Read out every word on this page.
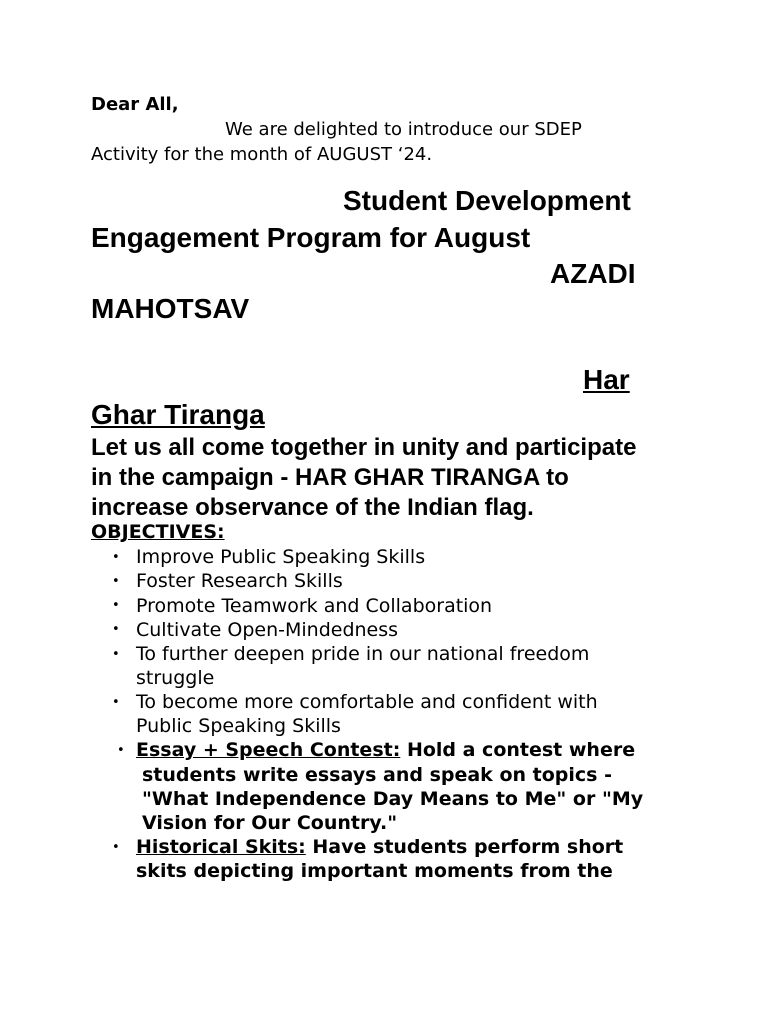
Dear All,
We are delighted to introduce our SDEP
Activity for the month of AUGUST ‘24.
Student Development
Engagement Program for August
AZADI
MAHOTSAV
Har
Ghar Tiranga
Let us all come together in unity and participate
in the campaign - HAR GHAR TIRANGA to
increase observance of the Indian flag.
OBJECTIVES:
• Improve Public Speaking Skills
• Foster Research Skills
• Promote Teamwork and Collaboration
• Cultivate Open-Mindedness
• To further deepen pride in our national freedom
struggle
• To become more comfortable and confident with
Public Speaking Skills
• Essay + Speech Contest: Hold a contest where
students write essays and speak on topics -
"What Independence Day Means to Me" or "My
Vision for Our Country."
• Historical Skits: Have students perform short
skits depicting important moments from the
